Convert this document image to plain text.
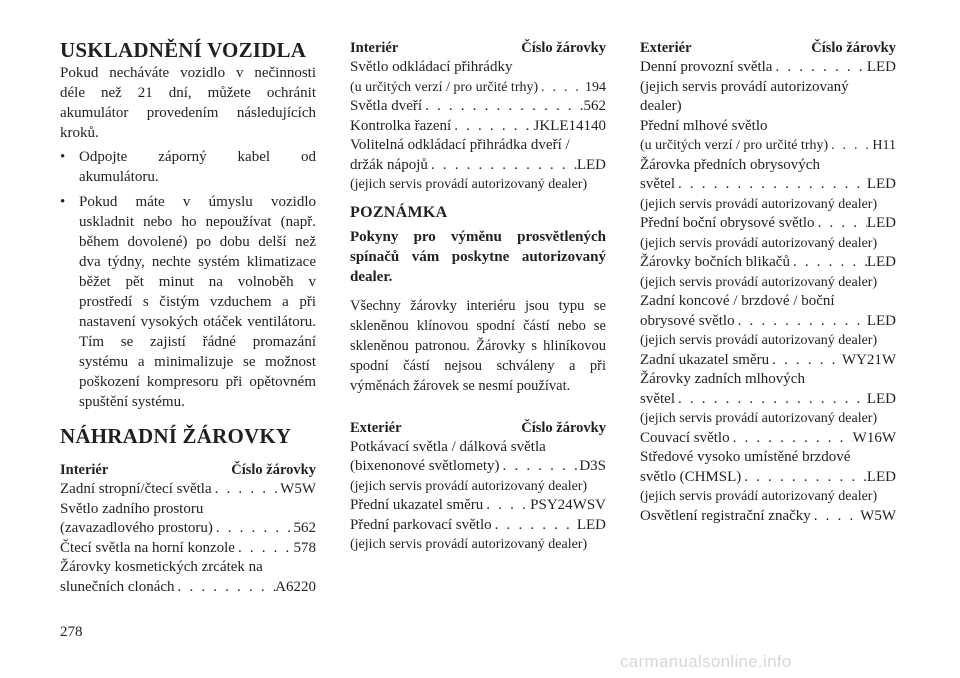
USKLADNĚNÍ VOZIDLA

Pokud necháváte vozidlo v nečinnosti déle než 21 dní, můžete ochránit akumulátor provedením následujících kroků.

• Odpojte záporný kabel od akumulátoru.
• Pokud máte v úmyslu vozidlo uskladnit nebo ho nepoužívat (např. během dovolené) po dobu delší než dva týdny, nechte systém klimatizace běžet pět minut na volnoběh v prostředí s čistým vzduchem a při nastavení vysokých otáček ventilátoru. Tím se zajistí řádné promazání systému a minimalizuje se možnost poškození kompresoru při opětovném spuštění systému.
NÁHRADNÍ ŽÁROVKY
Interiér	Číslo žárovky
Zadní stropní/čtecí světla . . .	W5W
Světlo zadního prostoru
(zavazadlového prostoru) . . .	562
Čtecí světla na horní konzole . . .	578
Žárovky kosmetických zrcátek na
slunečních clonách . . .	A6220
Interiér	Číslo žárovky
Světlo odkládací přihrádky
(u určitých verzí / pro určité trhy) . . .	194
Světla dveří . . .	562
Kontrolka řazení . . .	JKLE14140
Volitelná odkládací přihrádka dveří /
držák nápojů . . .	LED
(jejich servis provádí autorizovaný dealer)
POZNÁMKA

Pokyny pro výměnu prosvětlených spínačů vám poskytne autorizovaný dealer.

Všechny žárovky interiéru jsou typu se skleněnou klínovou spodní částí nebo se skleněnou patronou. Žárovky s hliníkovou spodní částí nejsou schváleny a při výměnách žárovek se nesmí používat.

Exteriér	Číslo žárovky
Potkávací světla / dálková světla
(bixenonové světlomety) . . .	D3S
(jejich servis provádí autorizovaný dealer)
Přední ukazatel směru . . .	PSY24WSV
Přední parkovací světlo . . .	LED
(jejich servis provádí autorizovaný dealer)
Exteriér	Číslo žárovky
Denní provozní světla . . .	LED
(jejich servis provádí autorizovaný
dealer)
Přední mlhové světlo
(u určitých verzí / pro určité trhy) . . .	H11
Žárovka předních obrysových
světel . . .	LED
(jejich servis provádí autorizovaný dealer)
Přední boční obrysové světlo . . .	LED
(jejich servis provádí autorizovaný dealer)
Žárovky bočních blikačů . . .	LED
(jejich servis provádí autorizovaný dealer)
Zadní koncové / brzdové / boční
obrysové světlo . . .	LED
(jejich servis provádí autorizovaný dealer)
Zadní ukazatel směru . . .	WY21W
Žárovky zadních mlhových
světel . . .	LED
(jejich servis provádí autorizovaný dealer)
Couvací světlo . . .	W16W
Středové vysoko umístěné brzdové
světlo (CHMSL) . . .	LED
(jejich servis provádí autorizovaný dealer)
Osvětlení registrační značky . . .	W5W
278
carmanualsonline.info
